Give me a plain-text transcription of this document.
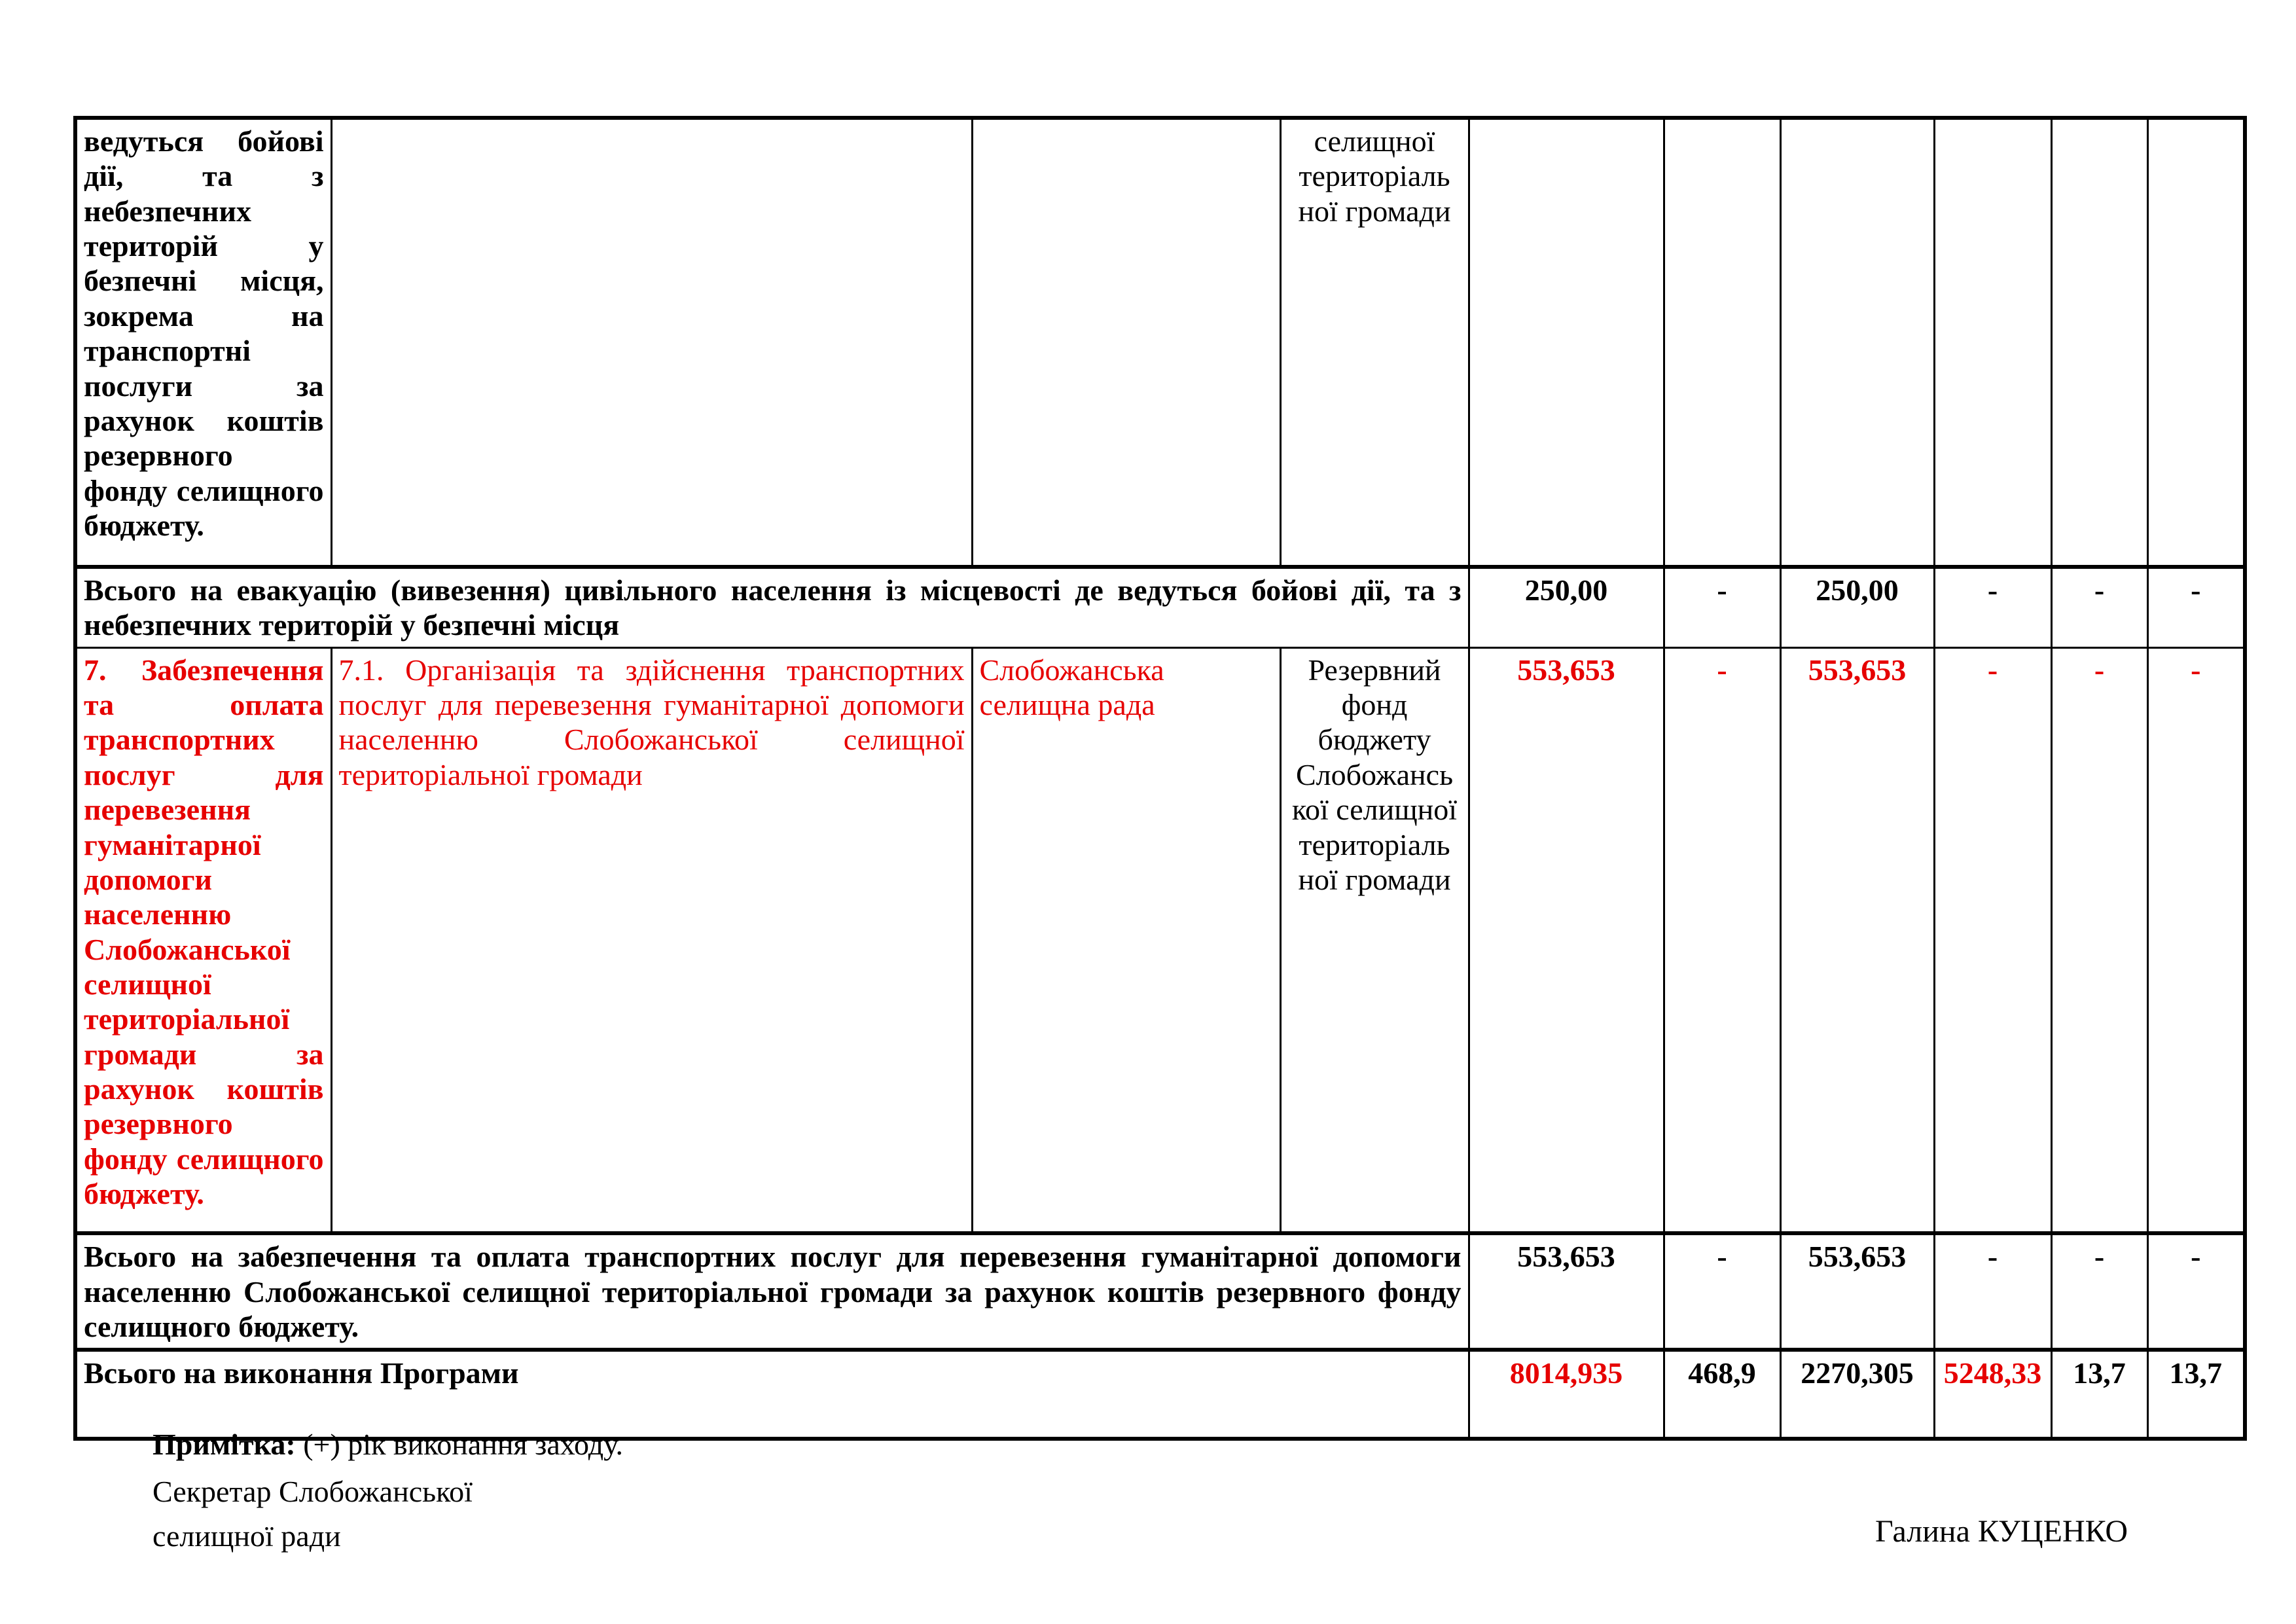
ведуться бойові дії, та з небезпечних територій у безпечні місця, зокрема на транспортні послуги за рахунок коштів резервного фонду селищного бюджету.			селищної територіаль ної громади						
Всього на евакуацію (вивезення) цивільного населення із місцевості де ведуться бойові дії, та з небезпечних територій у безпечні місця				250,00	-	250,00	-	-	-
7. Забезпечення та оплата транспортних послуг для перевезення гуманітарної допомоги населенню Слобожанської селищної територіальної громади за рахунок коштів резервного фонду селищного бюджету.	7.1. Організація та здійснення транспортних послуг для перевезення гуманітарної допомоги населенню Слобожанської селищної територіальної громади	Слобожанська селищна рада	Резервний фонд бюджету Слобожансь кої селищної територіаль ної громади	553,653	-	553,653	-	-	-
Всього на забезпечення та оплата транспортних послуг для перевезення гуманітарної допомоги населенню Слобожанської селищної територіальної громади за рахунок коштів резервного фонду селищного бюджету.				553,653	-	553,653	-	-	-
Всього на виконання Програми				8014,935	468,9	2270,305	5248,33	13,7	13,7
Примітка: (+) рік виконання заходу.
Секретар Слобожанської
селищної ради	Галина КУЦЕНКО
